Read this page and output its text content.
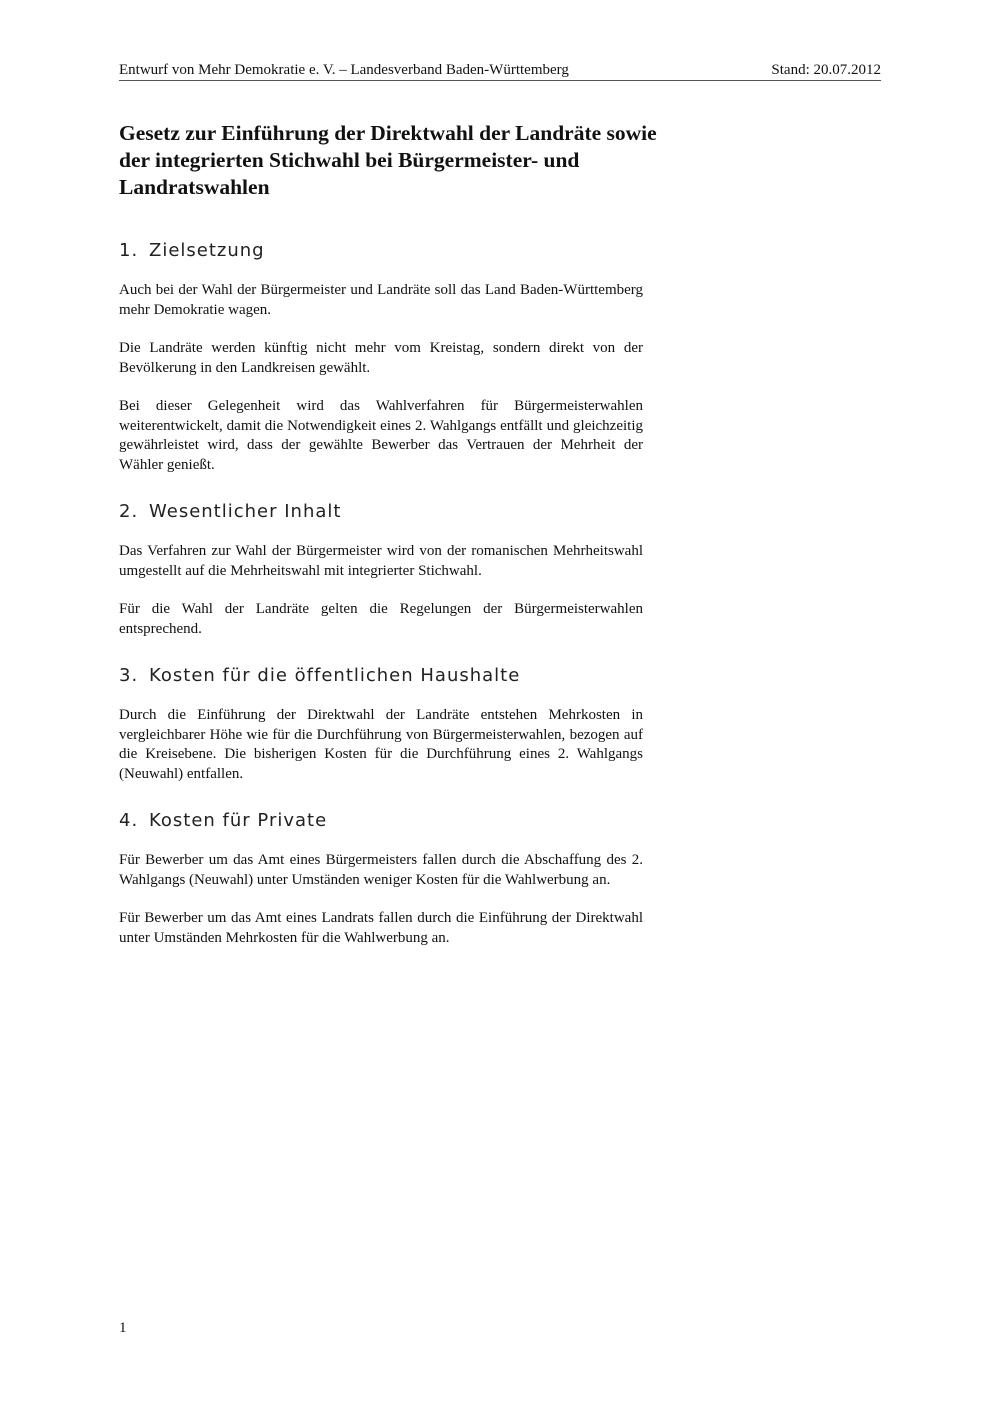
Entwurf von Mehr Demokratie e. V. – Landesverband Baden-Württemberg	Stand: 20.07.2012
Gesetz zur Einführung der Direktwahl der Landräte sowie der integrierten Stichwahl bei Bürgermeister- und Landratswahlen
1. Zielsetzung

Auch bei der Wahl der Bürgermeister und Landräte soll das Land Baden-Württemberg mehr Demokratie wagen.

Die Landräte werden künftig nicht mehr vom Kreistag, sondern direkt von der Bevölkerung in den Landkreisen gewählt.

Bei dieser Gelegenheit wird das Wahlverfahren für Bürgermeisterwahlen weiterentwickelt, damit die Notwendigkeit eines 2. Wahlgangs entfällt und gleichzeitig gewährleistet wird, dass der gewählte Bewerber das Vertrauen der Mehrheit der Wähler genießt.

2. Wesentlicher Inhalt

Das Verfahren zur Wahl der Bürgermeister wird von der romanischen Mehrheitswahl umgestellt auf die Mehrheitswahl mit integrierter Stichwahl.

Für die Wahl der Landräte gelten die Regelungen der Bürgermeisterwahlen entsprechend.

3. Kosten für die öffentlichen Haushalte

Durch die Einführung der Direktwahl der Landräte entstehen Mehrkosten in vergleichbarer Höhe wie für die Durchführung von Bürgermeisterwahlen, bezogen auf die Kreisebene. Die bisherigen Kosten für die Durchführung eines 2. Wahlgangs (Neuwahl) entfallen.

4. Kosten für Private

Für Bewerber um das Amt eines Bürgermeisters fallen durch die Abschaffung des 2. Wahlgangs (Neuwahl) unter Umständen weniger Kosten für die Wahlwerbung an.

Für Bewerber um das Amt eines Landrats fallen durch die Einführung der Direktwahl unter Umständen Mehrkosten für die Wahlwerbung an.

1
